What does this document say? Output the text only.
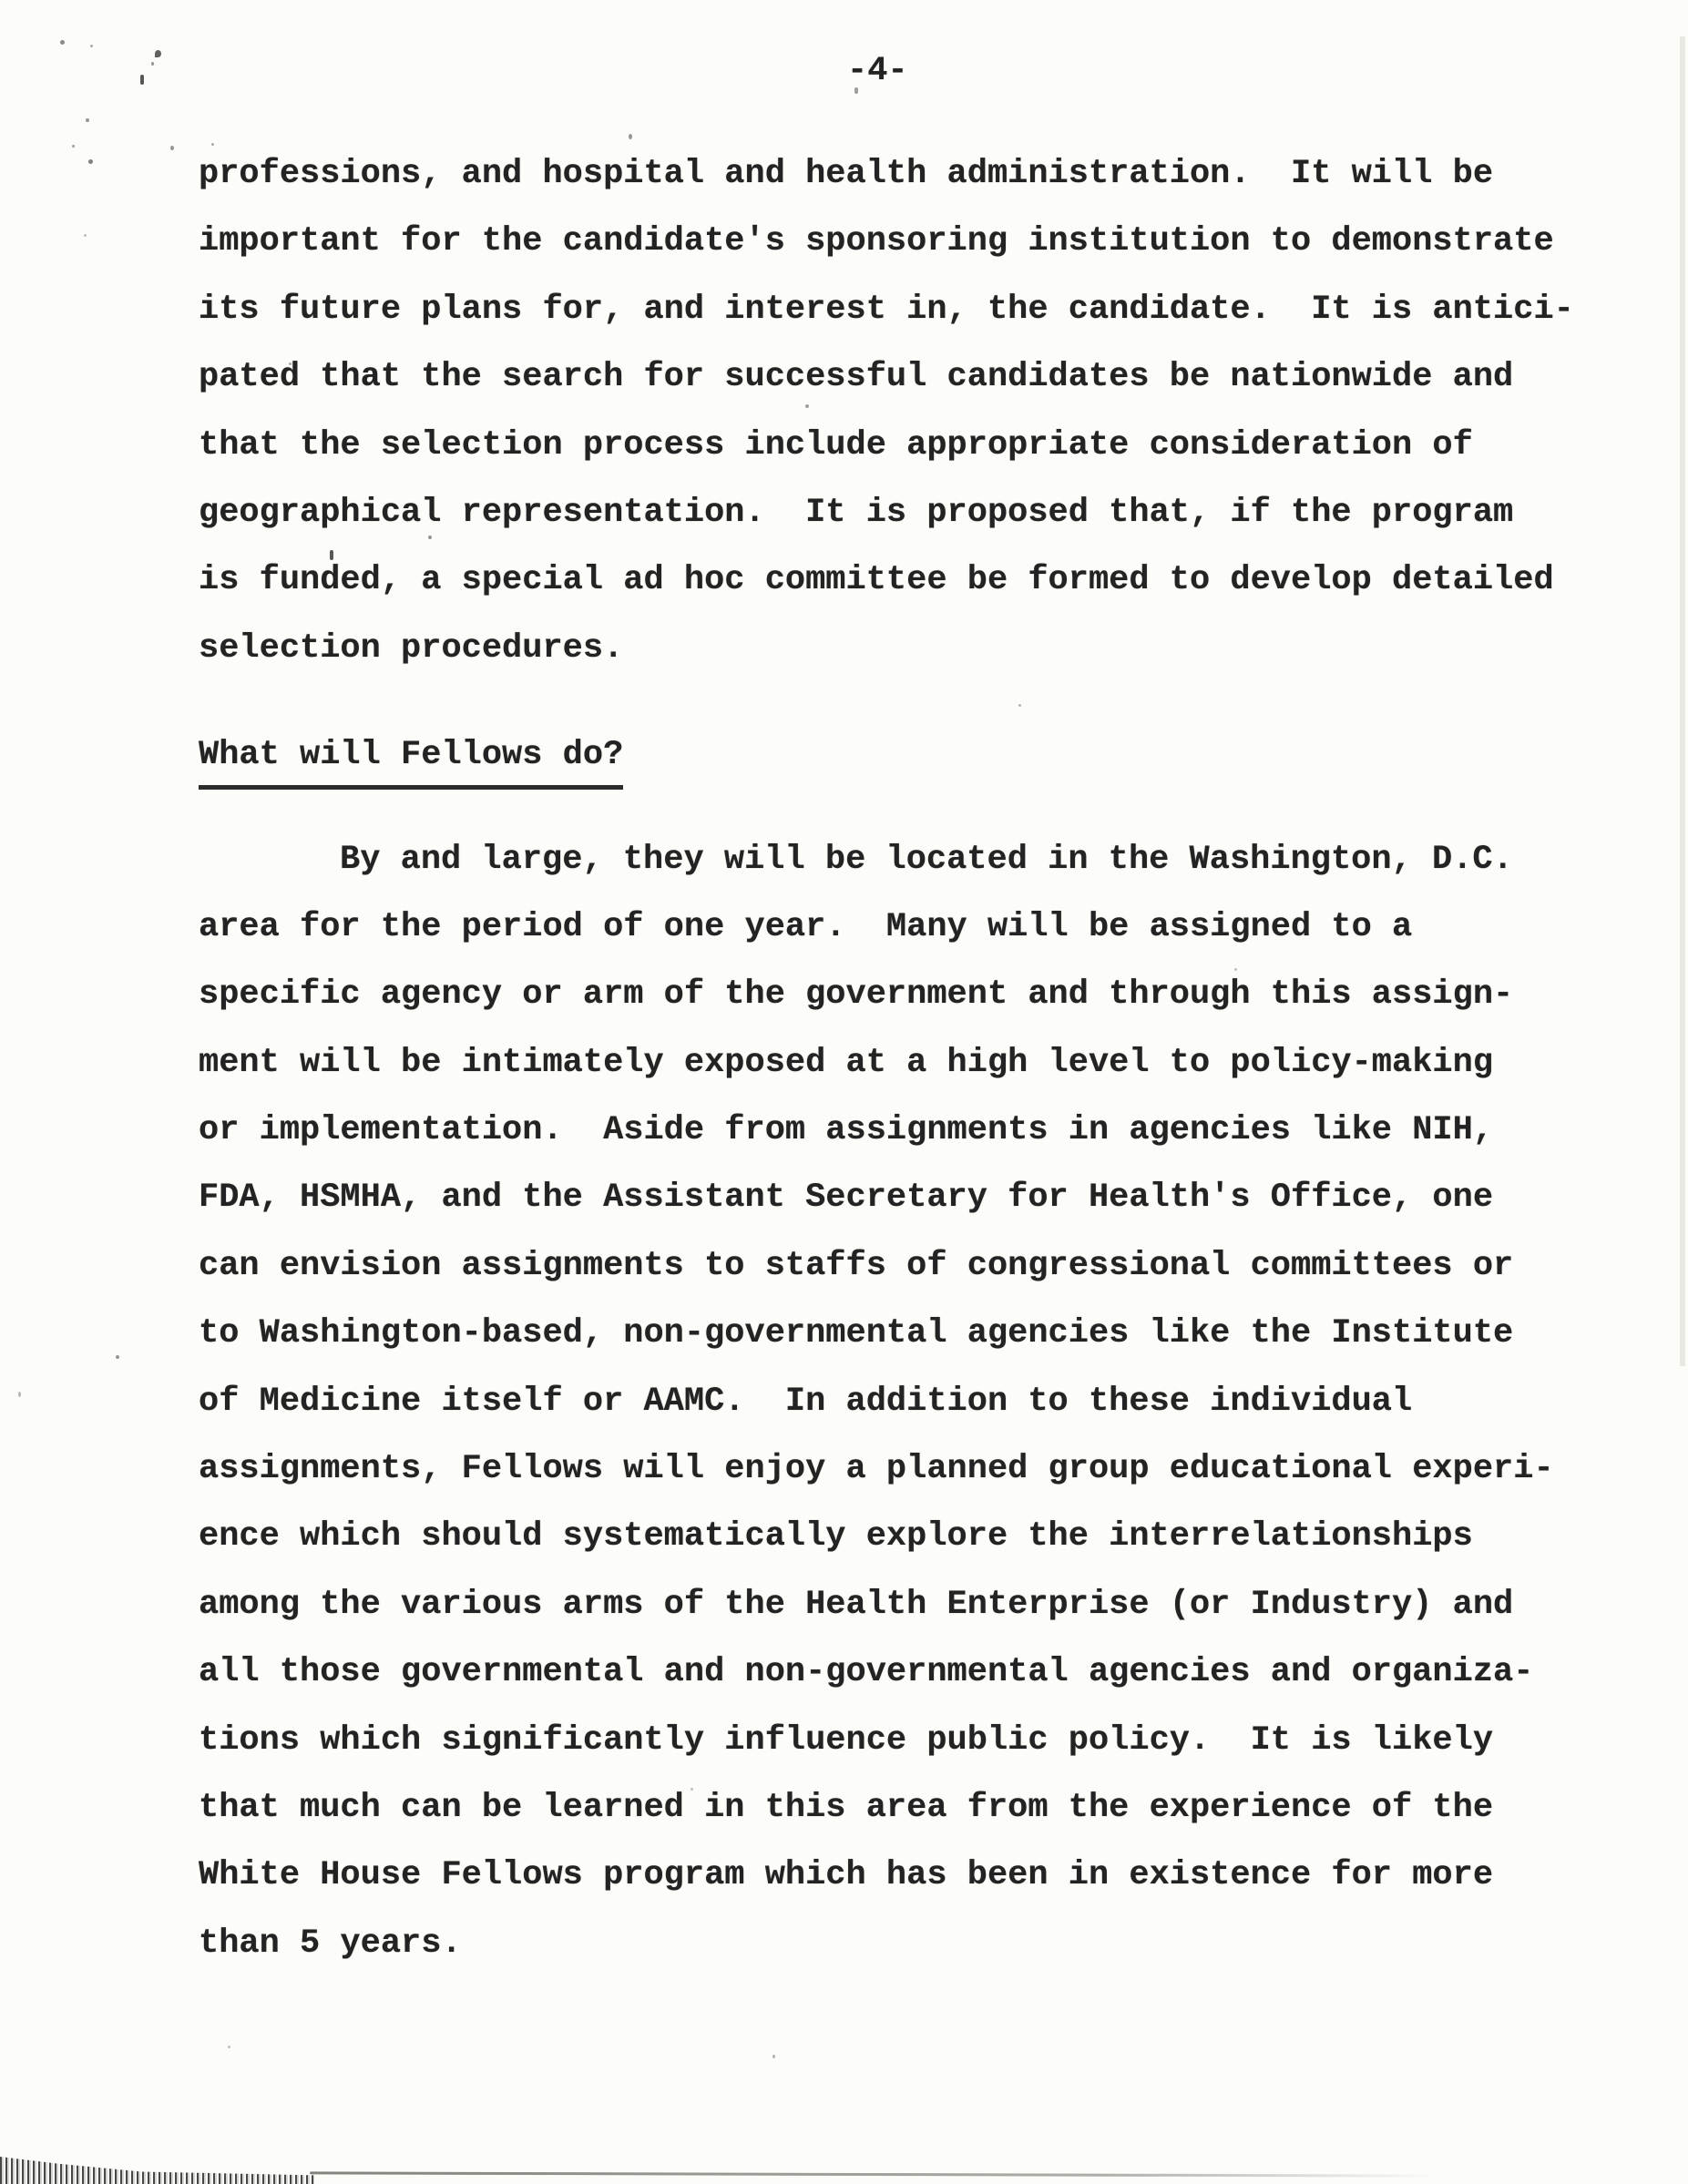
-4-
professions, and hospital and health administration.  It will be
important for the candidate's sponsoring institution to demonstrate
its future plans for, and interest in, the candidate.  It is antici-
pated that the search for successful candidates be nationwide and
that the selection process include appropriate consideration of
geographical representation.  It is proposed that, if the program
is funded, a special ad hoc committee be formed to develop detailed
selection procedures.
What will Fellows do?
By and large, they will be located in the Washington, D.C.
area for the period of one year.  Many will be assigned to a
specific agency or arm of the government and through this assign-
ment will be intimately exposed at a high level to policy-making
or implementation.  Aside from assignments in agencies like NIH,
FDA, HSMHA, and the Assistant Secretary for Health's Office, one
can envision assignments to staffs of congressional committees or
to Washington-based, non-governmental agencies like the Institute
of Medicine itself or AAMC.  In addition to these individual
assignments, Fellows will enjoy a planned group educational experi-
ence which should systematically explore the interrelationships
among the various arms of the Health Enterprise (or Industry) and
all those governmental and non-governmental agencies and organiza-
tions which significantly influence public policy.  It is likely
that much can be learned in this area from the experience of the
White House Fellows program which has been in existence for more
than 5 years.
